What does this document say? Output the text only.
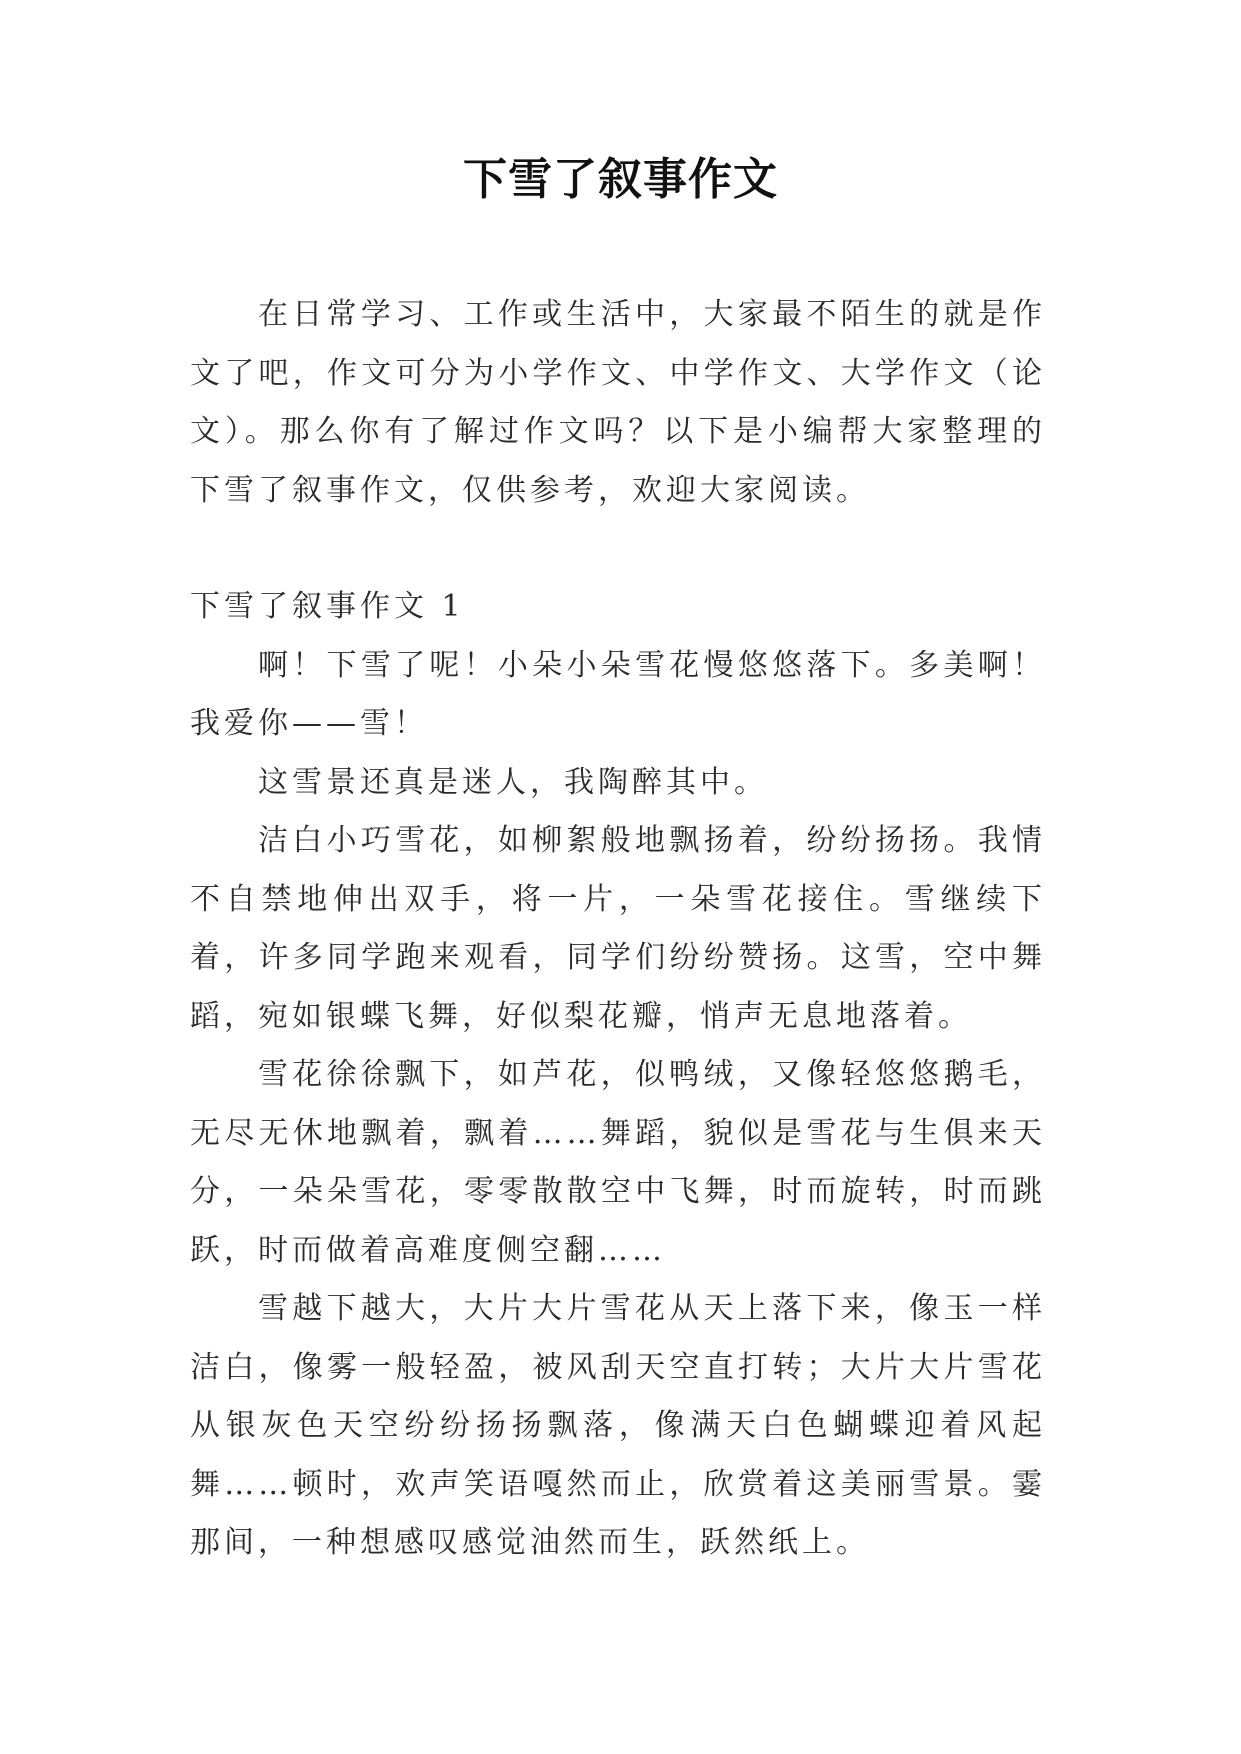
下雪了叙事作文

在日常学习、工作或生活中，大家最不陌生的就是作文了吧，作文可分为小学作文、中学作文、大学作文（论文）。那么你有了解过作文吗？以下是小编帮大家整理的下雪了叙事作文，仅供参考，欢迎大家阅读。

下雪了叙事作文 1

啊！下雪了呢！小朵小朵雪花慢悠悠落下。多美啊！我爱你——雪！

这雪景还真是迷人，我陶醉其中。

洁白小巧雪花，如柳絮般地飘扬着，纷纷扬扬。我情不自禁地伸出双手，将一片，一朵雪花接住。雪继续下着，许多同学跑来观看，同学们纷纷赞扬。这雪，空中舞蹈，宛如银蝶飞舞，好似梨花瓣，悄声无息地落着。

雪花徐徐飘下，如芦花，似鸭绒，又像轻悠悠鹅毛，无尽无休地飘着，飘着……舞蹈，貌似是雪花与生俱来天分，一朵朵雪花，零零散散空中飞舞，时而旋转，时而跳跃，时而做着高难度侧空翻……

雪越下越大，大片大片雪花从天上落下来，像玉一样洁白，像雾一般轻盈，被风刮天空直打转；大片大片雪花从银灰色天空纷纷扬扬飘落，像满天白色蝴蝶迎着风起舞……顿时，欢声笑语嘎然而止，欣赏着这美丽雪景。霎那间，一种想感叹感觉油然而生，跃然纸上。
